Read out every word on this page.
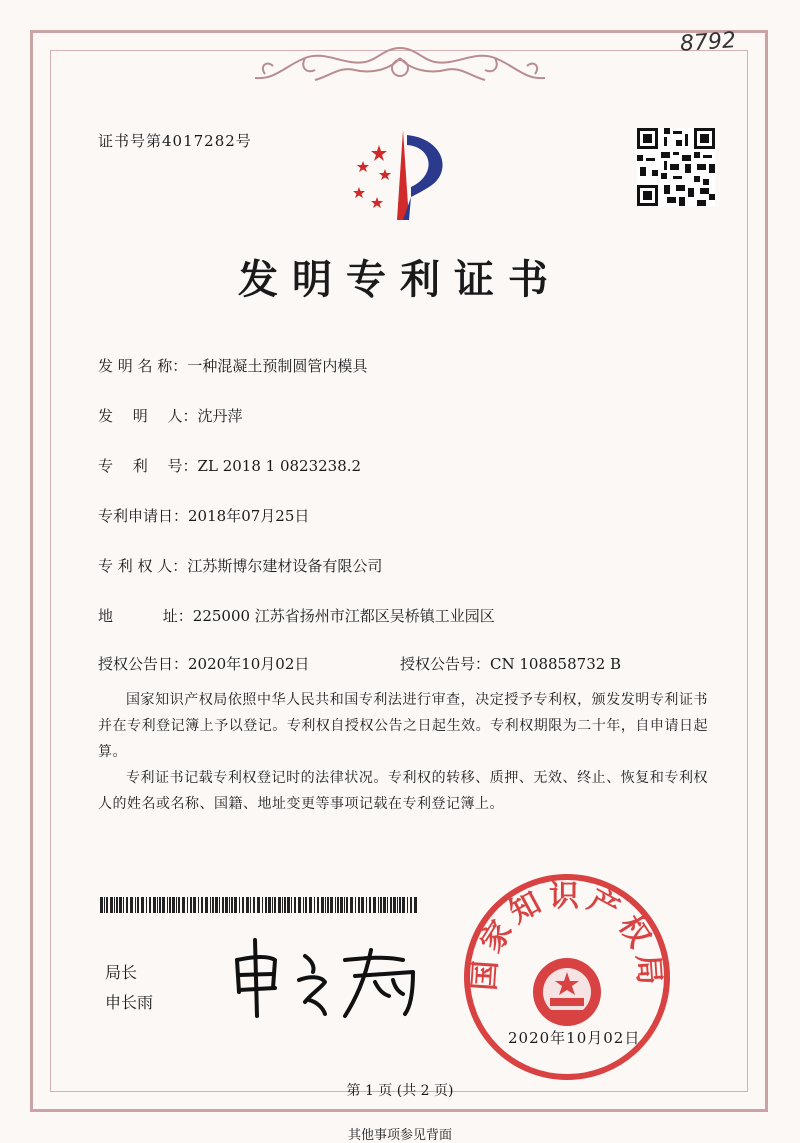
8792
证书号第4017282号
发明专利证书
发 明 名 称：一种混凝土预制圆管内模具
发　 明　 人：沈丹萍
专　 利　 号：ZL 2018 1 0823238.2
专利申请日：2018年07月25日
专 利 权 人：江苏斯博尔建材设备有限公司
地　　　 址：225000 江苏省扬州市江都区吴桥镇工业园区
授权公告日：2020年10月02日	授权公告号：CN 108858732 B
国家知识产权局依照中华人民共和国专利法进行审查，决定授予专利权，颁发发明专利证书并在专利登记簿上予以登记。专利权自授权公告之日起生效。专利权期限为二十年，自申请日起算。
专利证书记载专利权登记时的法律状况。专利权的转移、质押、无效、终止、恢复和专利权人的姓名或名称、国籍、地址变更等事项记载在专利登记簿上。
局长
申长雨
国家知识产权局
2020年10月02日
第 1 页 (共 2 页)
其他事项参见背面
